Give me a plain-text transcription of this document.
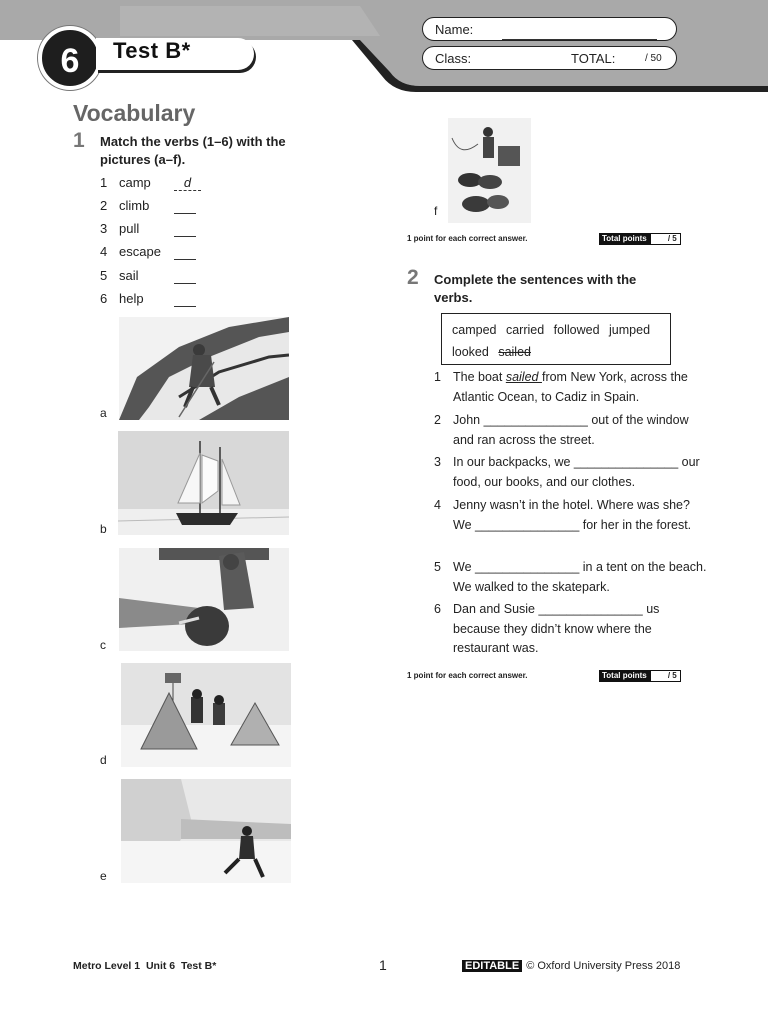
6	Test B*
Name:
Class:	TOTAL:	/ 50
Vocabulary
1 Match the verbs (1–6) with the pictures (a–f).
1 camp	d
2 climb
3 pull
4 escape
5 sail
6 help
a
b
c
d
e
f
1 point for each correct answer.	Total points	/ 5
2 Complete the sentences with the verbs.
camped carried followed jumped
looked sailed
1 The boat sailed from New York, across the Atlantic Ocean, to Cadiz in Spain.
2 John _______________ out of the window and ran across the street.
3 In our backpacks, we _______________ our food, our books, and our clothes.
4 Jenny wasn’t in the hotel. Where was she? We _______________ for her in the forest.
5 We _______________ in a tent on the beach. We walked to the skatepark.
6 Dan and Susie _______________ us because they didn’t know where the restaurant was.
1 point for each correct answer.	Total points	/ 5
Metro Level 1  Unit 6  Test B*	1	EDITABLE © Oxford University Press 2018
